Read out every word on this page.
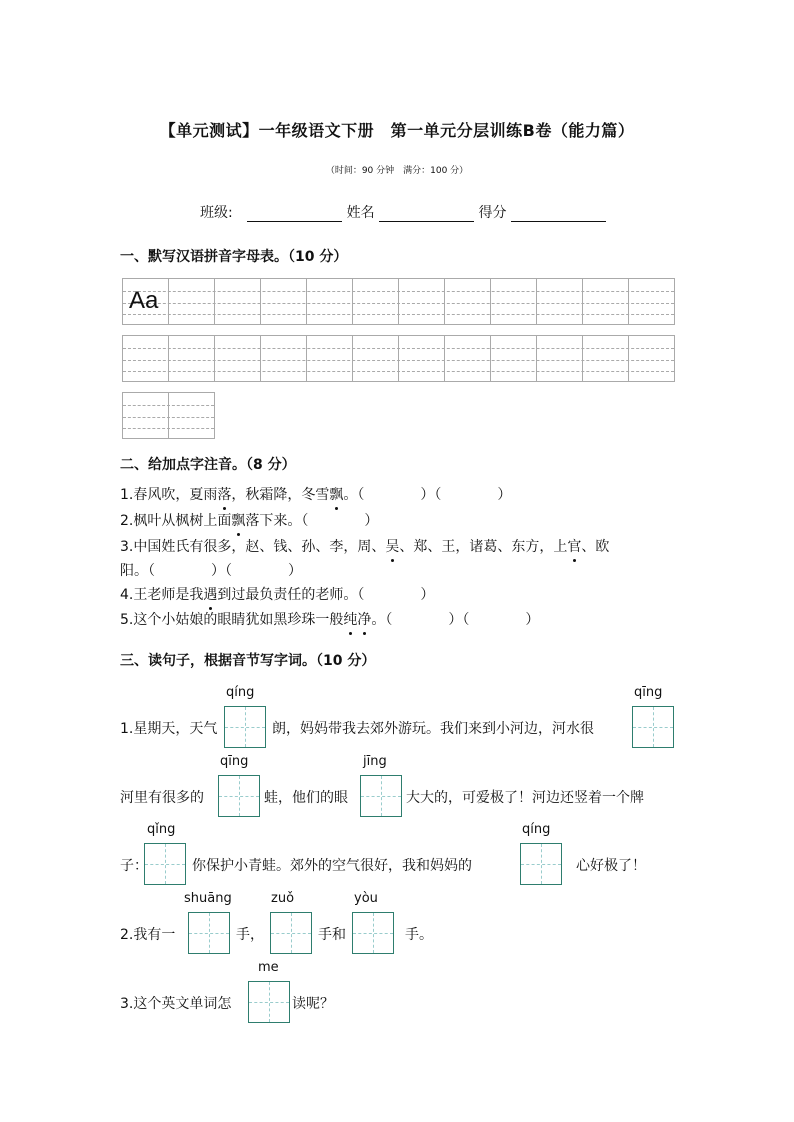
【单元测试】一年级语文下册　第一单元分层训练B卷（能力篇）
（时间：90 分钟　满分：100 分）
班级:	姓名	得分
一、默写汉语拼音字母表。（10 分）
Aa
二、给加点字注音。（8 分）
1.春风吹，夏雨落，秋霜降，冬雪飘。（　　　　）（　　　　）
2.枫叶从枫树上面飘落下来。（　　　　）
3.中国姓氏有很多，赵、钱、孙、李，周、吴、郑、王，诸葛、东方，上官、欧
阳。（　　　　）（　　　　）
4.王老师是我遇到过最负责任的老师。（　　　　）
5.这个小姑娘的眼睛犹如黑珍珠一般纯净。（　　　　）（　　　　）
三、读句子，根据音节写字词。（10 分）
qíng	qīng
1.星期天，天气	朗，妈妈带我去郊外游玩。我们来到小河边，河水很
qīng	jīng
河里有很多的	蛙，他们的眼	大大的，可爱极了！河边还竖着一个牌
qǐng	qíng
子：	你保护小青蛙。郊外的空气很好，我和妈妈的	心好极了！
shuāng	zuǒ	yòu
2.我有一	手，	手和	手。
me
3.这个英文单词怎	读呢？
